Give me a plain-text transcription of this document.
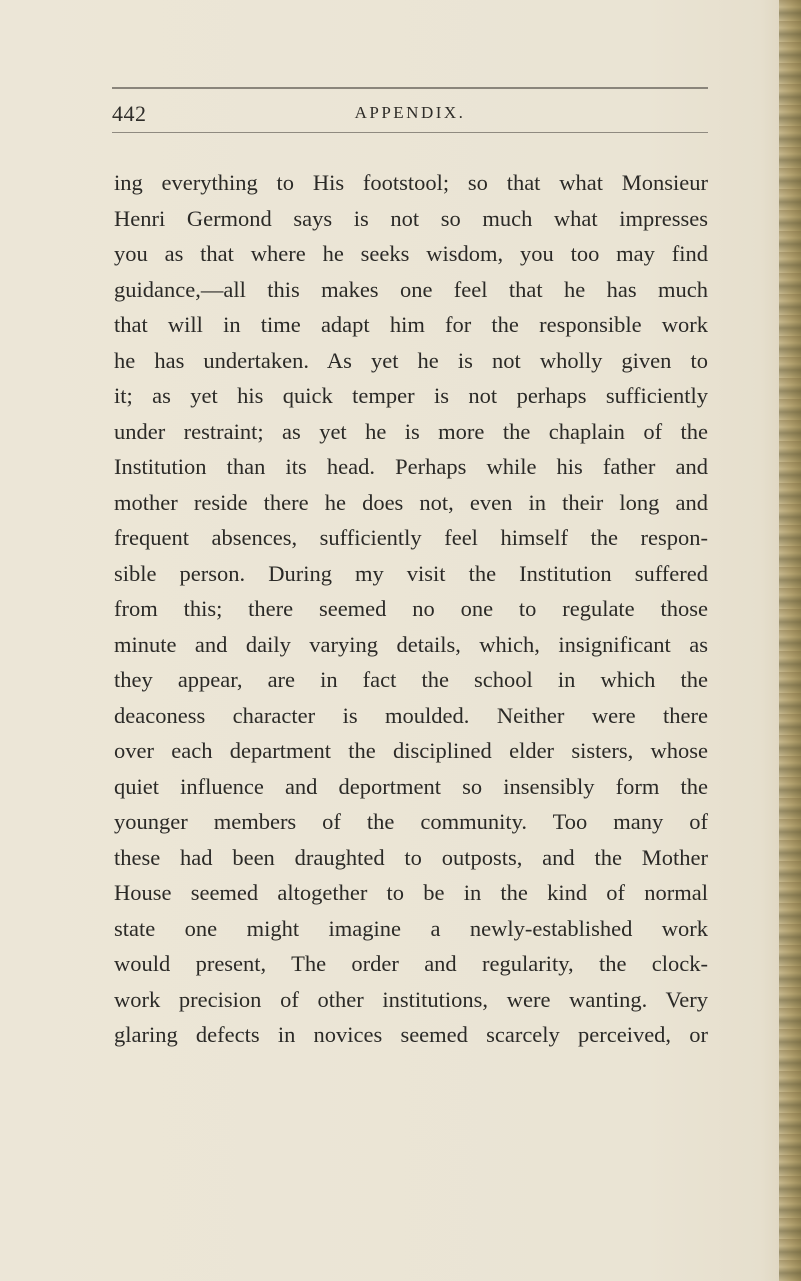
442	APPENDIX.
ing everything to His footstool; so that what Monsieur
Henri Germond says is not so much what impresses
you as that where he seeks wisdom, you too may find
guidance,—all this makes one feel that he has much
that will in time adapt him for the responsible work
he has undertaken. As yet he is not wholly given to
it; as yet his quick temper is not perhaps sufficiently
under restraint; as yet he is more the chaplain of the
Institution than its head. Perhaps while his father and
mother reside there he does not, even in their long and
frequent absences, sufficiently feel himself the respon-
sible person. During my visit the Institution suffered
from this; there seemed no one to regulate those
minute and daily varying details, which, insignificant as
they appear, are in fact the school in which the
deaconess character is moulded. Neither were there
over each department the disciplined elder sisters, whose
quiet influence and deportment so insensibly form the
younger members of the community. Too many of
these had been draughted to outposts, and the Mother
House seemed altogether to be in the kind of normal
state one might imagine a newly-established work
would present, The order and regularity, the clock-
work precision of other institutions, were wanting. Very
glaring defects in novices seemed scarcely perceived, or
